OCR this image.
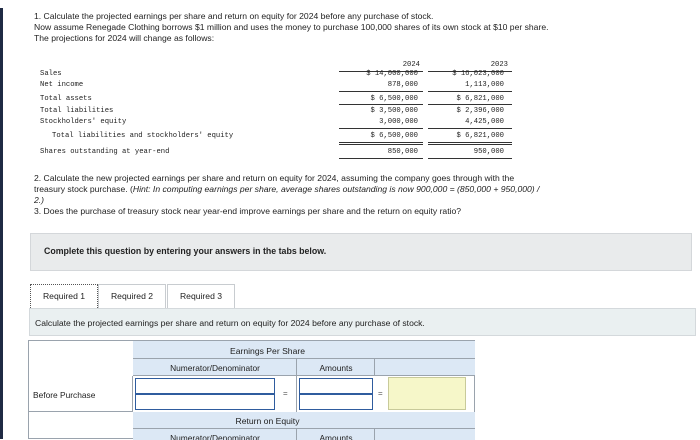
1. Calculate the projected earnings per share and return on equity for 2024 before any purchase of stock.
Now assume Renegade Clothing borrows $1 million and uses the money to purchase 100,000 shares of its own stock at $10 per share.
The projections for 2024 will change as follows:
2024	2023
Sales	$ 14,000,000	$ 16,023,000
Net income	878,000	1,113,000
Total assets	$ 6,500,000	$ 6,821,000
Total liabilities	$ 3,500,000	$ 2,396,000
Stockholders' equity	3,000,000	4,425,000
Total liabilities and stockholders' equity	$ 6,500,000	$ 6,821,000
Shares outstanding at year-end	850,000	950,000
2. Calculate the new projected earnings per share and return on equity for 2024, assuming the company goes through with the
treasury stock purchase. (Hint: In computing earnings per share, average shares outstanding is now 900,000 = (850,000 + 950,000) /
2.)
3. Does the purchase of treasury stock near year-end improve earnings per share and the return on equity ratio?
Complete this question by entering your answers in the tabs below.
Required 1	Required 2	Required 3
Calculate the projected earnings per share and return on equity for 2024 before any purchase of stock.
Earnings Per Share
Numerator/Denominator	Amounts
Before Purchase	=	=
Return on Equity
Numerator/Denominator	Amounts
